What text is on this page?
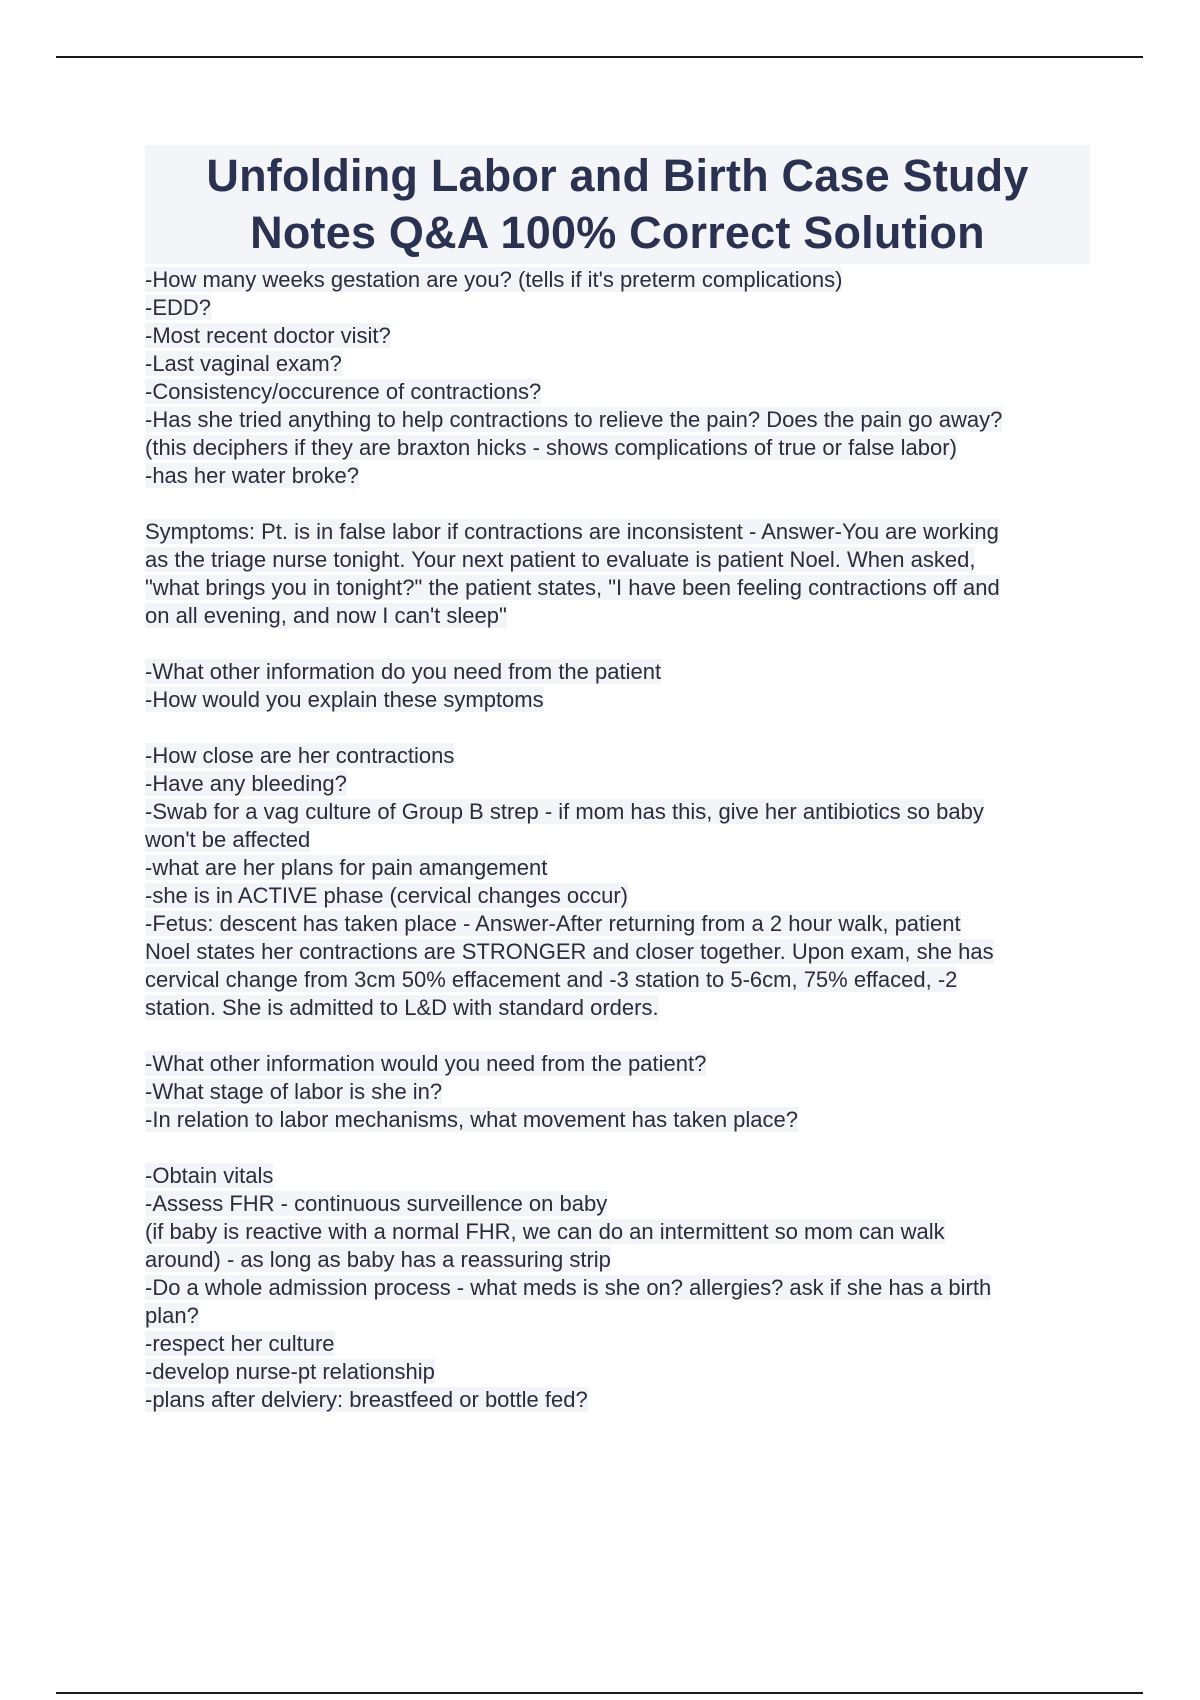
Unfolding Labor and Birth Case Study
Notes Q&A 100% Correct Solution
-How many weeks gestation are you? (tells if it's preterm complications)
-EDD?
-Most recent doctor visit?
-Last vaginal exam?
-Consistency/occurence of contractions?
-Has she tried anything to help contractions to relieve the pain? Does the pain go away?
(this deciphers if they are braxton hicks - shows complications of true or false labor)
-has her water broke?
Symptoms: Pt. is in false labor if contractions are inconsistent - Answer-You are working
as the triage nurse tonight. Your next patient to evaluate is patient Noel. When asked,
"what brings you in tonight?" the patient states, "I have been feeling contractions off and
on all evening, and now I can't sleep"
-What other information do you need from the patient
-How would you explain these symptoms
-How close are her contractions
-Have any bleeding?
-Swab for a vag culture of Group B strep - if mom has this, give her antibiotics so baby
won't be affected
-what are her plans for pain amangement
-she is in ACTIVE phase (cervical changes occur)
-Fetus: descent has taken place - Answer-After returning from a 2 hour walk, patient
Noel states her contractions are STRONGER and closer together. Upon exam, she has
cervical change from 3cm 50% effacement and -3 station to 5-6cm, 75% effaced, -2
station. She is admitted to L&D with standard orders.
-What other information would you need from the patient?
-What stage of labor is she in?
-In relation to labor mechanisms, what movement has taken place?
-Obtain vitals
-Assess FHR - continuous surveillence on baby
(if baby is reactive with a normal FHR, we can do an intermittent so mom can walk
around) - as long as baby has a reassuring strip
-Do a whole admission process - what meds is she on? allergies? ask if she has a birth
plan?
-respect her culture
-develop nurse-pt relationship
-plans after delviery: breastfeed or bottle fed?
